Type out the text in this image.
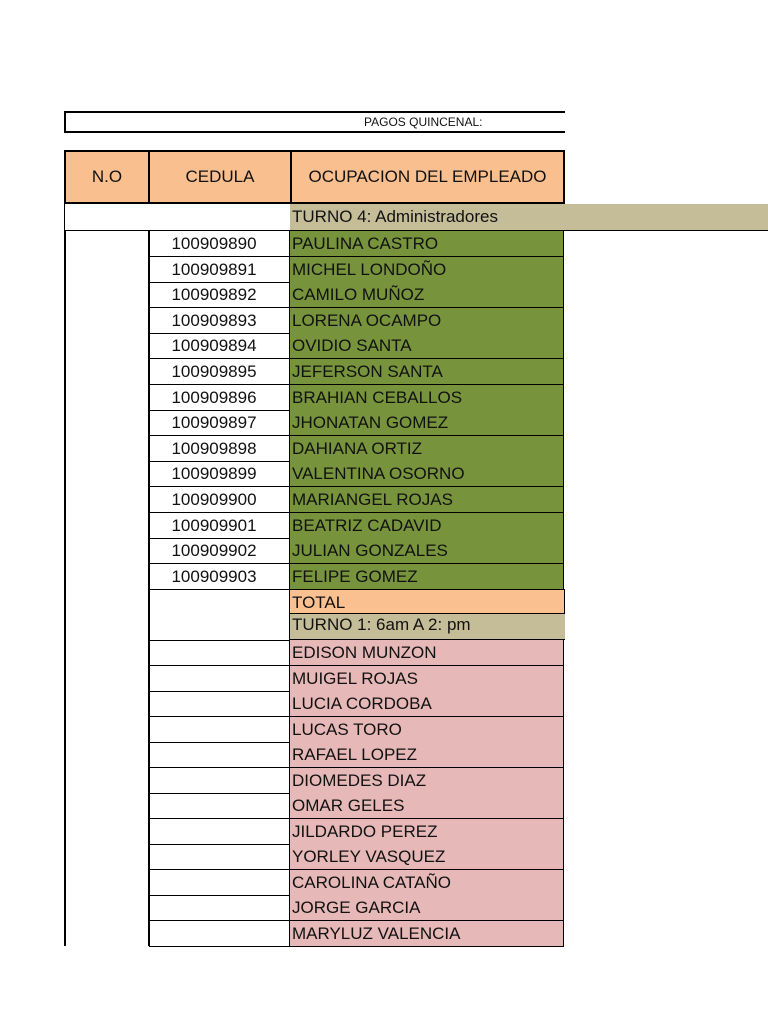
PAGOS QUINCENAL:
N.O	CEDULA	OCUPACION DEL EMPLEADO
TURNO 4: Administradores
100909890	PAULINA CASTRO
100909891	MICHEL LONDOÑO
100909892	CAMILO MUÑOZ
100909893	LORENA OCAMPO
100909894	OVIDIO SANTA
100909895	JEFERSON SANTA
100909896	BRAHIAN CEBALLOS
100909897	JHONATAN GOMEZ
100909898	DAHIANA ORTIZ
100909899	VALENTINA OSORNO
100909900	MARIANGEL ROJAS
100909901	BEATRIZ CADAVID
100909902	JULIAN GONZALES
100909903	FELIPE GOMEZ
TOTAL
TURNO 1: 6am A 2: pm
EDISON MUNZON
MUIGEL ROJAS
LUCIA CORDOBA
LUCAS TORO
RAFAEL LOPEZ
DIOMEDES DIAZ
OMAR GELES
JILDARDO PEREZ
YORLEY VASQUEZ
CAROLINA CATAÑO
JORGE GARCIA
MARYLUZ VALENCIA
